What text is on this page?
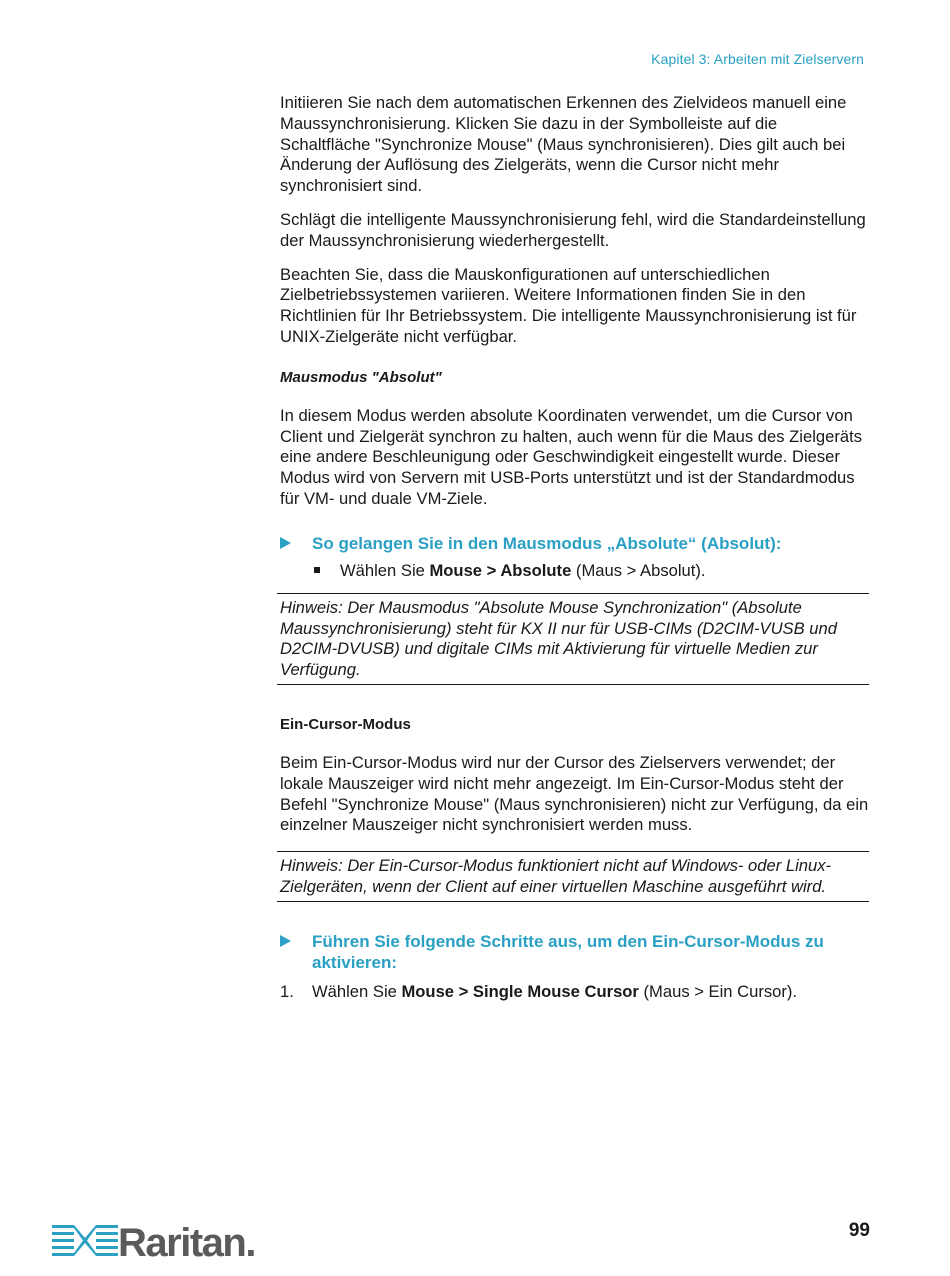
Kapitel 3: Arbeiten mit Zielservern

Initiieren Sie nach dem automatischen Erkennen des Zielvideos manuell eine Maussynchronisierung. Klicken Sie dazu in der Symbolleiste auf die Schaltfläche "Synchronize Mouse" (Maus synchronisieren). Dies gilt auch bei Änderung der Auflösung des Zielgeräts, wenn die Cursor nicht mehr synchronisiert sind.

Schlägt die intelligente Maussynchronisierung fehl, wird die Standardeinstellung der Maussynchronisierung wiederhergestellt.

Beachten Sie, dass die Mauskonfigurationen auf unterschiedlichen Zielbetriebssystemen variieren. Weitere Informationen finden Sie in den Richtlinien für Ihr Betriebssystem. Die intelligente Maussynchronisierung ist für UNIX-Zielgeräte nicht verfügbar.

Mausmodus "Absolut"

In diesem Modus werden absolute Koordinaten verwendet, um die Cursor von Client und Zielgerät synchron zu halten, auch wenn für die Maus des Zielgeräts eine andere Beschleunigung oder Geschwindigkeit eingestellt wurde. Dieser Modus wird von Servern mit USB-Ports unterstützt und ist der Standardmodus für VM- und duale VM-Ziele.

So gelangen Sie in den Mausmodus „Absolute“ (Absolut):
Wählen Sie Mouse > Absolute (Maus > Absolut).
Hinweis: Der Mausmodus "Absolute Mouse Synchronization" (Absolute Maussynchronisierung) steht für KX II nur für USB-CIMs (D2CIM-VUSB und D2CIM-DVUSB) und digitale CIMs mit Aktivierung für virtuelle Medien zur Verfügung.
Ein-Cursor-Modus

Beim Ein-Cursor-Modus wird nur der Cursor des Zielservers verwendet; der lokale Mauszeiger wird nicht mehr angezeigt. Im Ein-Cursor-Modus steht der Befehl "Synchronize Mouse" (Maus synchronisieren) nicht zur Verfügung, da ein einzelner Mauszeiger nicht synchronisiert werden muss.

Hinweis: Der Ein-Cursor-Modus funktioniert nicht auf Windows- oder Linux-Zielgeräten, wenn der Client auf einer virtuellen Maschine ausgeführt wird.
Führen Sie folgende Schritte aus, um den Ein-Cursor-Modus zu aktivieren:
1. Wählen Sie Mouse > Single Mouse Cursor (Maus > Ein Cursor).
Raritan.	99
